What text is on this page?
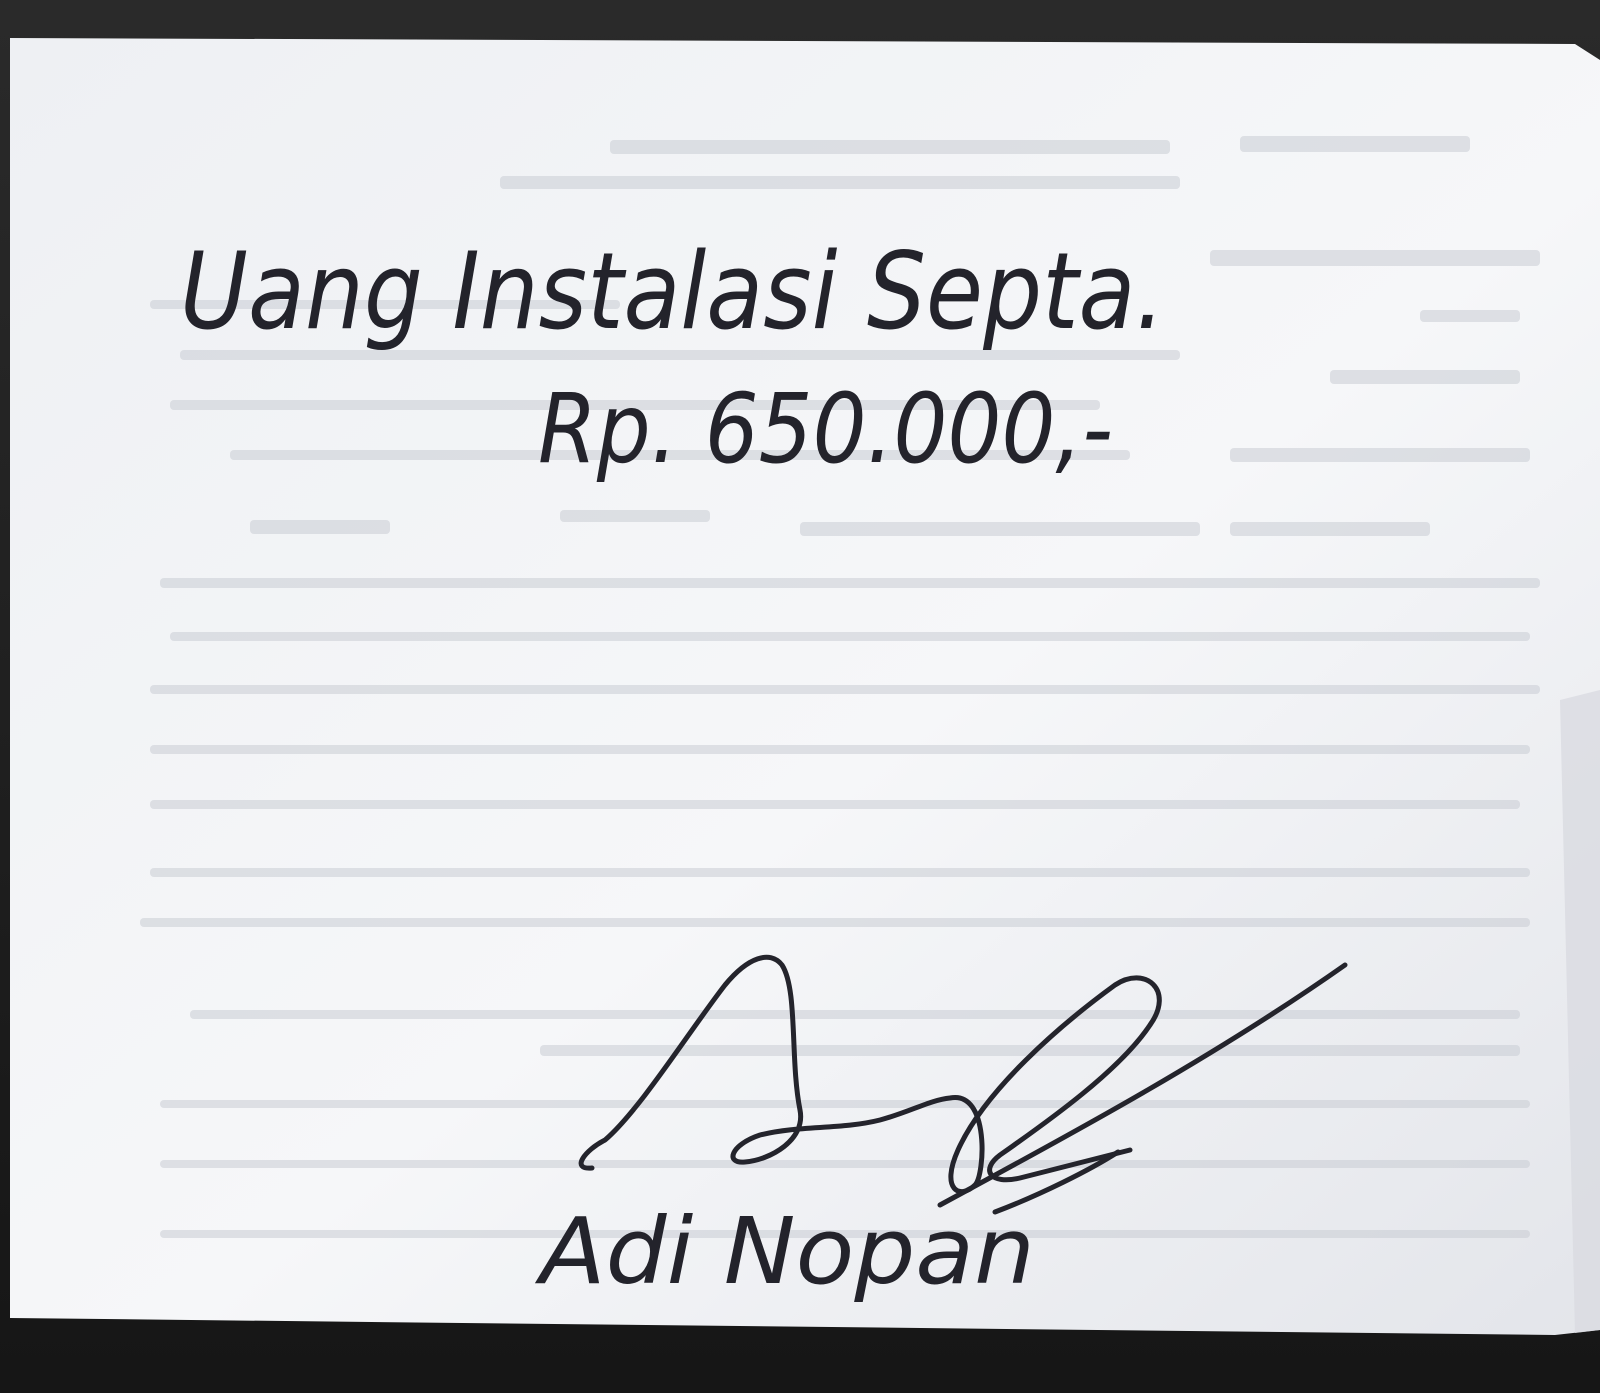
Uang Instalasi Septa.
Rp. 650.000,-
Adi Nopan
